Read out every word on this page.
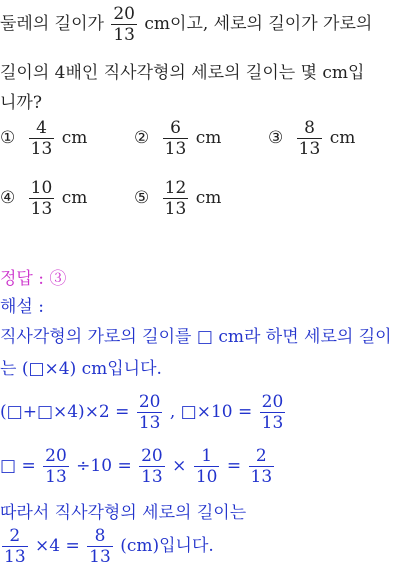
둘레의 길이가 $\frac{20}{13}$ cm이고, 세로의 길이가 가로의
길이의 4배인 직사각형의 세로의 길이는 몇 cm입
니까?
① $\frac{4}{13}$ cm	② $\frac{6}{13}$ cm	③ $\frac{8}{13}$ cm
④ $\frac{10}{13}$ cm	⑤ $\frac{12}{13}$ cm
정답 : ③
해설 :
직사각형의 가로의 길이를 □ cm라 하면 세로의 길이
는 (□×4) cm입니다.
(□+□×4)×2 = $\frac{20}{13}$ , □×10 = $\frac{20}{13}$
□ = $\frac{20}{13} \div 10 = \frac{20}{13} \times \frac{1}{10} = \frac{2}{13}$
따라서 직사각형의 세로의 길이는
$\frac{2}{13} \times 4 = \frac{8}{13} (cm)$입니다.
